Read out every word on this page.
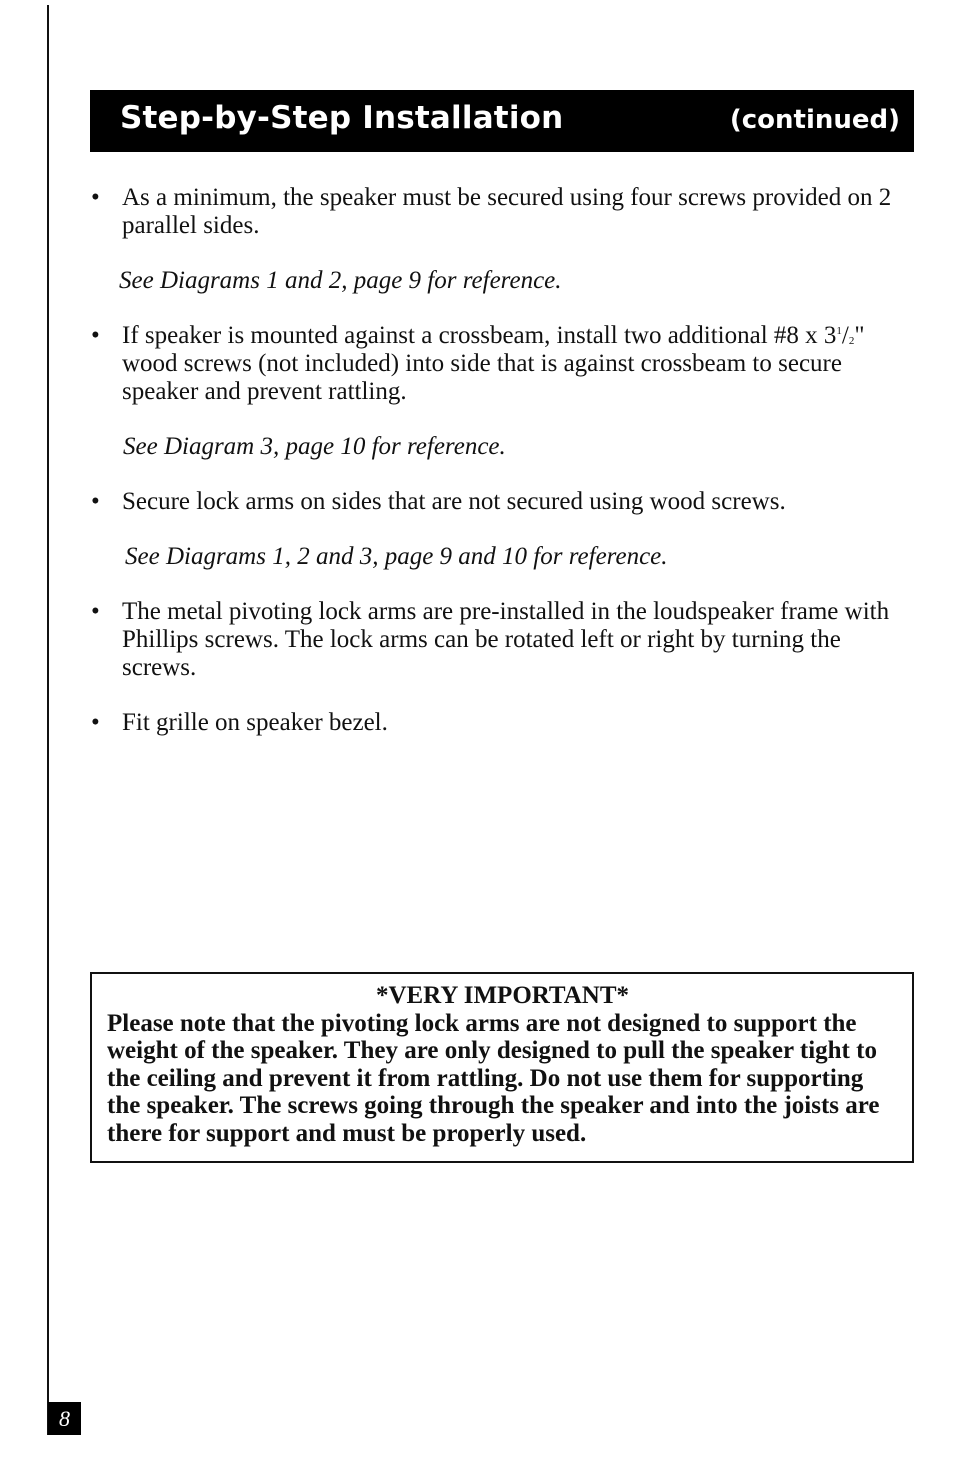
Step-by-Step Installation	(continued)

• As a minimum, the speaker must be secured using four screws provided on 2 parallel sides.

See Diagrams 1 and 2, page 9 for reference.

• If speaker is mounted against a crossbeam, install two additional #8 x $3^1/2$" wood screws (not included) into side that is against crossbeam to secure speaker and prevent rattling.

See Diagram 3, page 10 for reference.

• Secure lock arms on sides that are not secured using wood screws.

See Diagrams 1, 2 and 3, page 9 and 10 for reference.

• The metal pivoting lock arms are pre-installed in the loudspeaker frame with Phillips screws. The lock arms can be rotated left or right by turning the screws.

• Fit grille on speaker bezel.

*VERY IMPORTANT*
Please note that the pivoting lock arms are not designed to support the weight of the speaker. They are only designed to pull the speaker tight to the ceiling and prevent it from rattling. Do not use them for supporting the speaker. The screws going through the speaker and into the joists are there for support and must be properly used.
8
